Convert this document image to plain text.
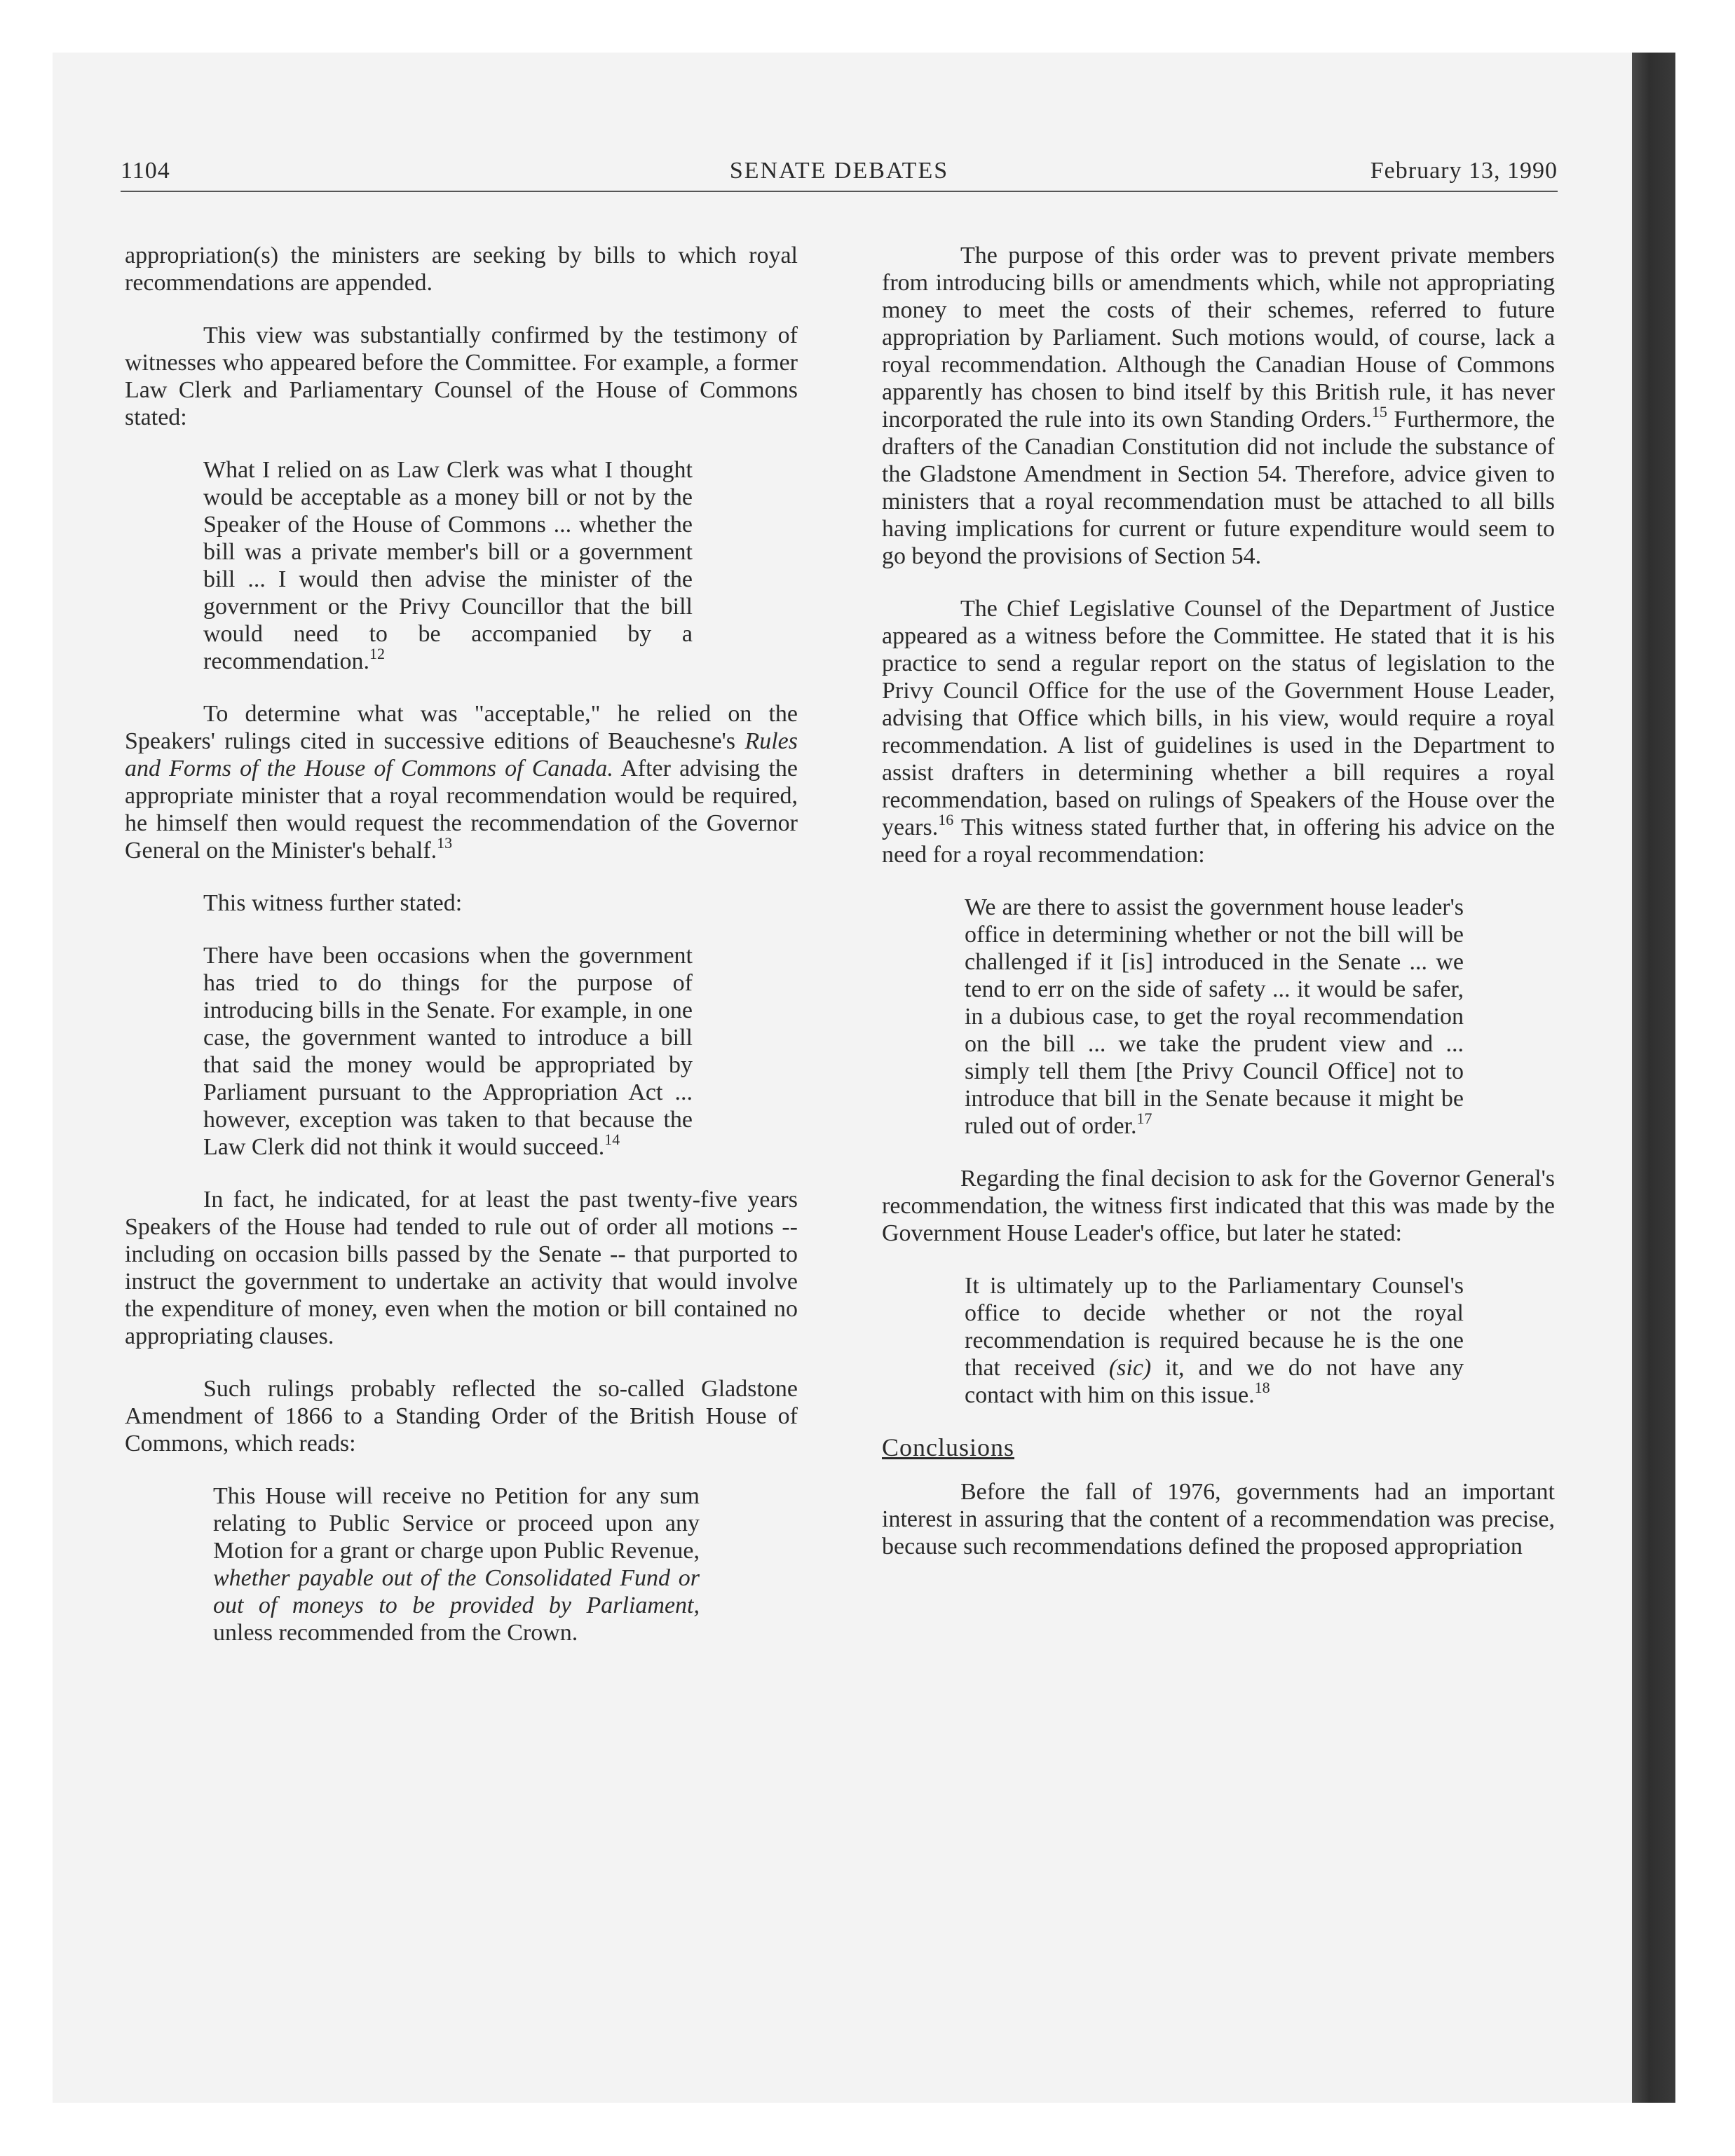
1104	SENATE DEBATES	February 13, 1990

appropriation(s) the ministers are seeking by bills to which royal recommendations are appended.

This view was substantially confirmed by the testimony of witnesses who appeared before the Committee. For example, a former Law Clerk and Parliamentary Counsel of the House of Commons stated:

What I relied on as Law Clerk was what I thought would be acceptable as a money bill or not by the Speaker of the House of Commons ... whether the bill was a private member's bill or a government bill ... I would then advise the minister of the government or the Privy Councillor that the bill would need to be accompanied by a recommendation.$^{12}$

To determine what was "acceptable," he relied on the Speakers' rulings cited in successive editions of Beauchesne's Rules and Forms of the House of Commons of Canada. After advising the appropriate minister that a royal recommendation would be required, he himself then would request the recommendation of the Governor General on the Minister's behalf.$^{13}$

This witness further stated:

There have been occasions when the government has tried to do things for the purpose of introducing bills in the Senate. For example, in one case, the government wanted to introduce a bill that said the money would be appropriated by Parliament pursuant to the Appropriation Act ... however, exception was taken to that because the Law Clerk did not think it would succeed.$^{14}$

In fact, he indicated, for at least the past twenty-five years Speakers of the House had tended to rule out of order all motions -- including on occasion bills passed by the Senate -- that purported to instruct the government to undertake an activity that would involve the expenditure of money, even when the motion or bill contained no appropriating clauses.

Such rulings probably reflected the so-called Gladstone Amendment of 1866 to a Standing Order of the British House of Commons, which reads:

This House will receive no Petition for any sum relating to Public Service or proceed upon any Motion for a grant or charge upon Public Revenue, whether payable out of the Consolidated Fund or out of moneys to be provided by Parliament, unless recommended from the Crown.

The purpose of this order was to prevent private members from introducing bills or amendments which, while not appropriating money to meet the costs of their schemes, referred to future appropriation by Parliament. Such motions would, of course, lack a royal recommendation. Although the Canadian House of Commons apparently has chosen to bind itself by this British rule, it has never incorporated the rule into its own Standing Orders.$^{15}$ Furthermore, the drafters of the Canadian Constitution did not include the substance of the Gladstone Amendment in Section 54. Therefore, advice given to ministers that a royal recommendation must be attached to all bills having implications for current or future expenditure would seem to go beyond the provisions of Section 54.

The Chief Legislative Counsel of the Department of Justice appeared as a witness before the Committee. He stated that it is his practice to send a regular report on the status of legislation to the Privy Council Office for the use of the Government House Leader, advising that Office which bills, in his view, would require a royal recommendation. A list of guidelines is used in the Department to assist drafters in determining whether a bill requires a royal recommendation, based on rulings of Speakers of the House over the years.$^{16}$ This witness stated further that, in offering his advice on the need for a royal recommendation:

We are there to assist the government house leader's office in determining whether or not the bill will be challenged if it [is] introduced in the Senate ... we tend to err on the side of safety ... it would be safer, in a dubious case, to get the royal recommendation on the bill ... we take the prudent view and ... simply tell them [the Privy Council Office] not to introduce that bill in the Senate because it might be ruled out of order.$^{17}$

Regarding the final decision to ask for the Governor General's recommendation, the witness first indicated that this was made by the Government House Leader's office, but later he stated:

It is ultimately up to the Parliamentary Counsel's office to decide whether or not the royal recommendation is required because he is the one that received (sic) it, and we do not have any contact with him on this issue.$^{18}$

Conclusions

Before the fall of 1976, governments had an important interest in assuring that the content of a recommendation was precise, because such recommendations defined the proposed appropriation
